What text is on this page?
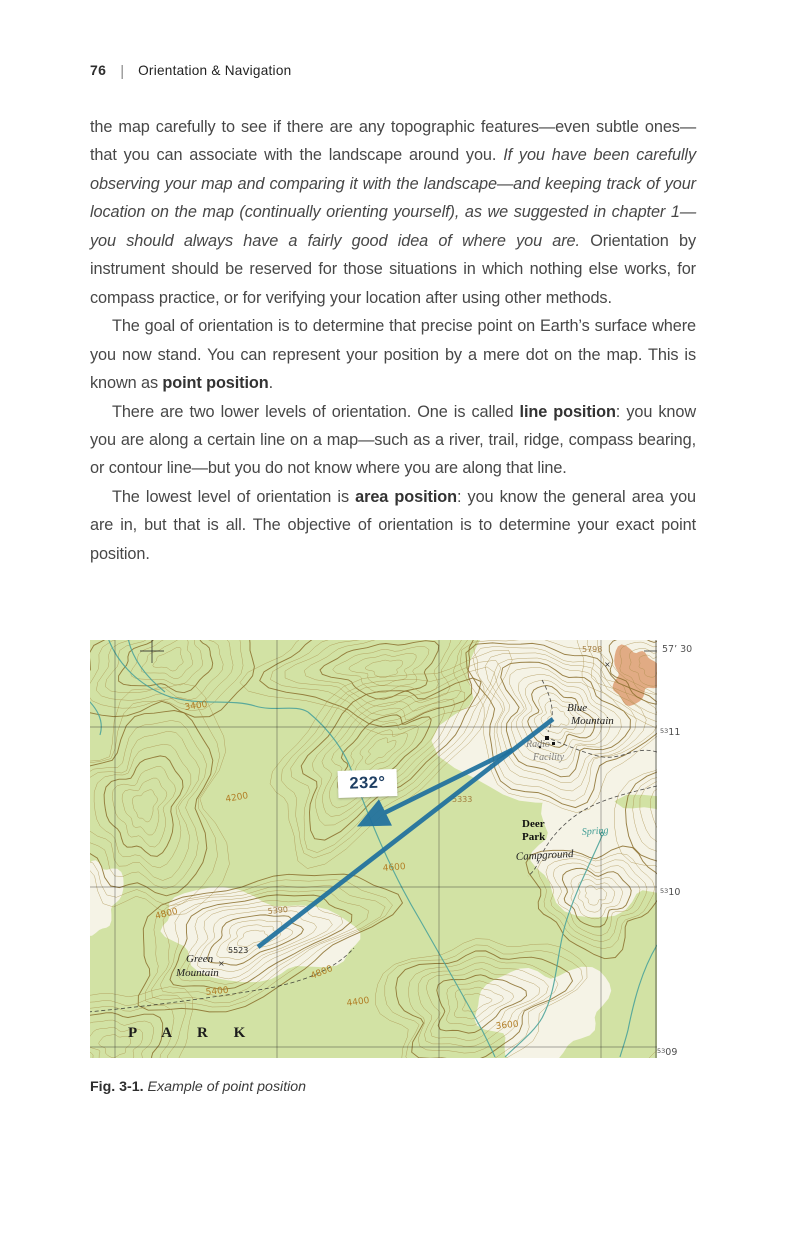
76 | Orientation & Navigation

the map carefully to see if there are any topographic features—even subtle ones—that you can associate with the landscape around you. If you have been carefully observing your map and comparing it with the landscape—and keeping track of your location on the map (continually orienting yourself), as we suggested in chapter 1—you should always have a fairly good idea of where you are. Orientation by instrument should be reserved for those situations in which nothing else works, for compass practice, or for verifying your location after using other methods.

The goal of orientation is to determine that precise point on Earth’s surface where you now stand. You can represent your position by a mere dot on the map. This is known as point position.

There are two lower levels of orientation. One is called line position: you know you are along a certain line on a map—such as a river, trail, ridge, compass bearing, or contour line—but you do not know where you are along that line.

The lowest level of orientation is area position: you know the general area you are in, but that is all. The objective of orientation is to determine your exact point position.

5798
×
Blue
Mountain
Radio
Facility
5333
Deer
Park
Campground
Spring
3400
4200
4600
4800	5390
5523
×
Green
Mountain
5400
4800
4400
3600
P A R K
232°
57’ 30
5311
5310
5309
Fig. 3-1. Example of point position
